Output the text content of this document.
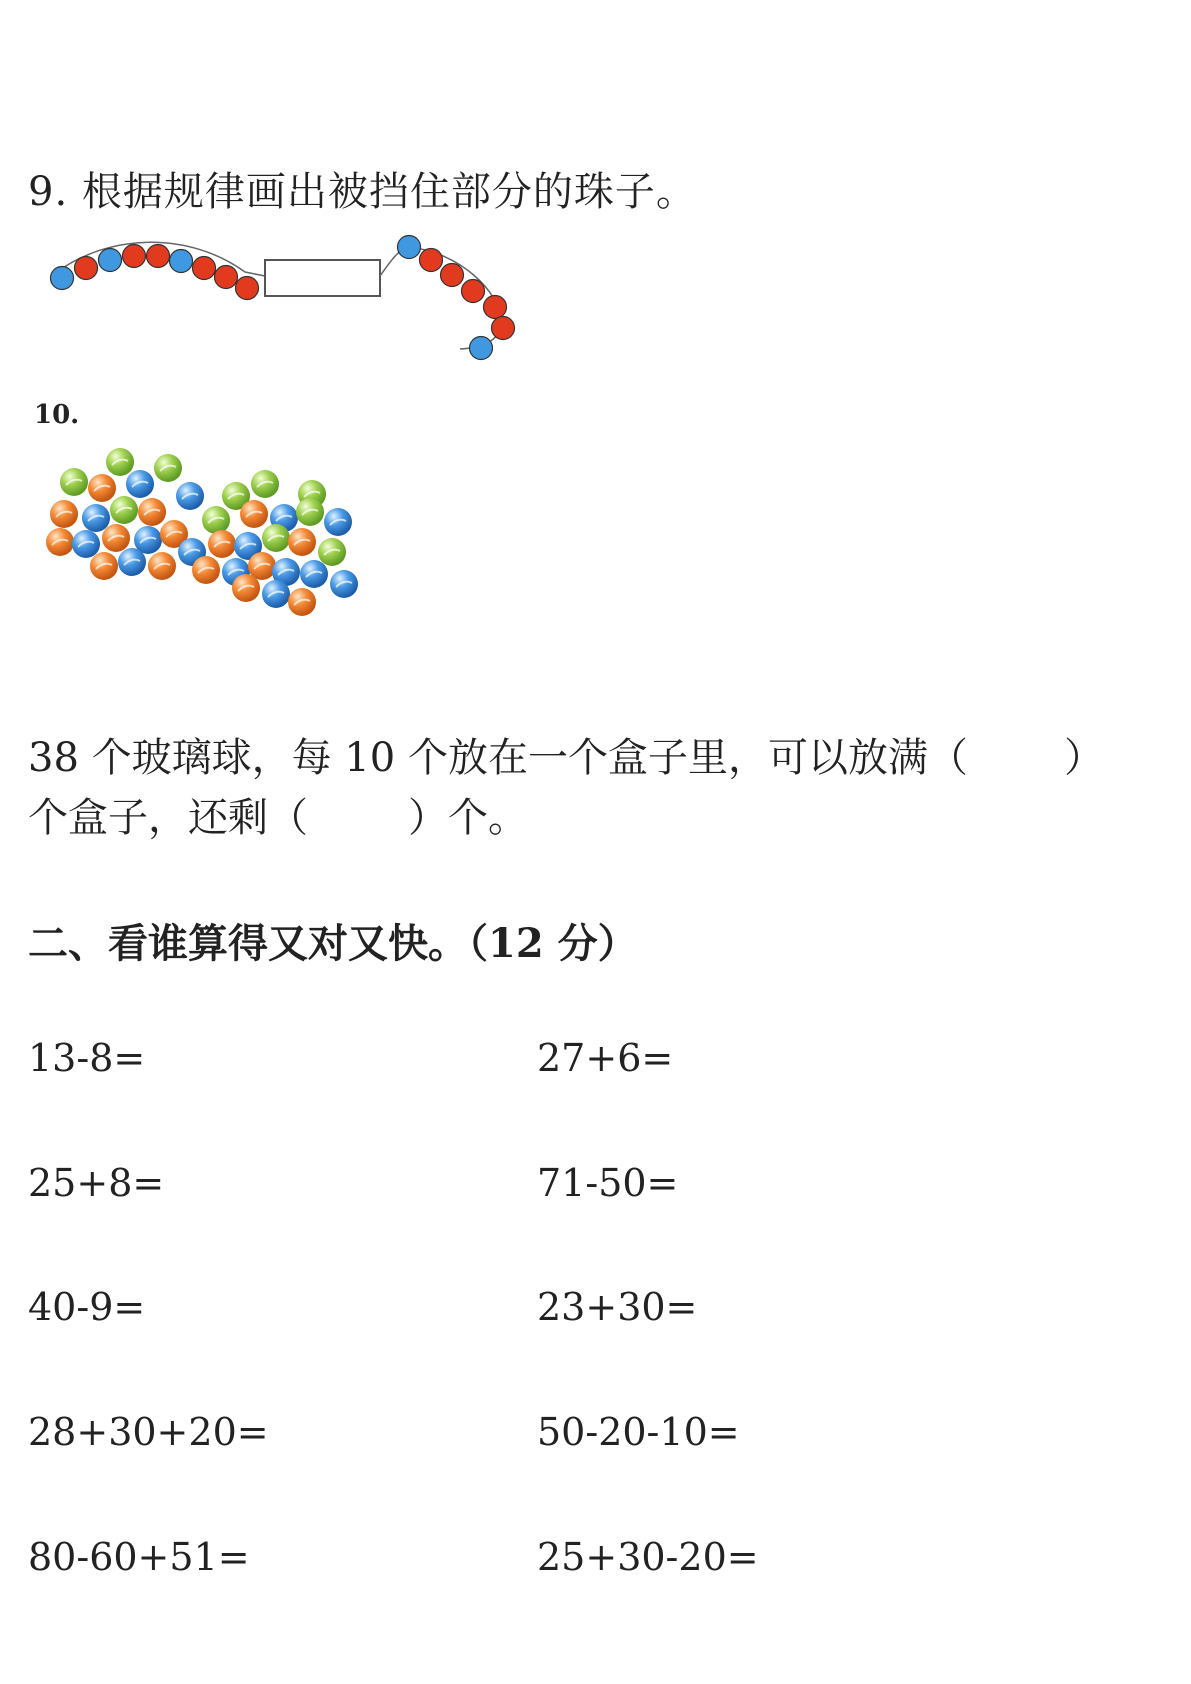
9. 根据规律画出被挡住部分的珠子。
10.
38 个玻璃球，每 10 个放在一个盒子里，可以放满（ ）
个盒子，还剩（	）个。
二、看谁算得又对又快。（12 分）
13-8=	27+6=
25+8=	71-50=
40-9=	23+30=
28+30+20=	50-20-10=
80-60+51=	25+30-20=
